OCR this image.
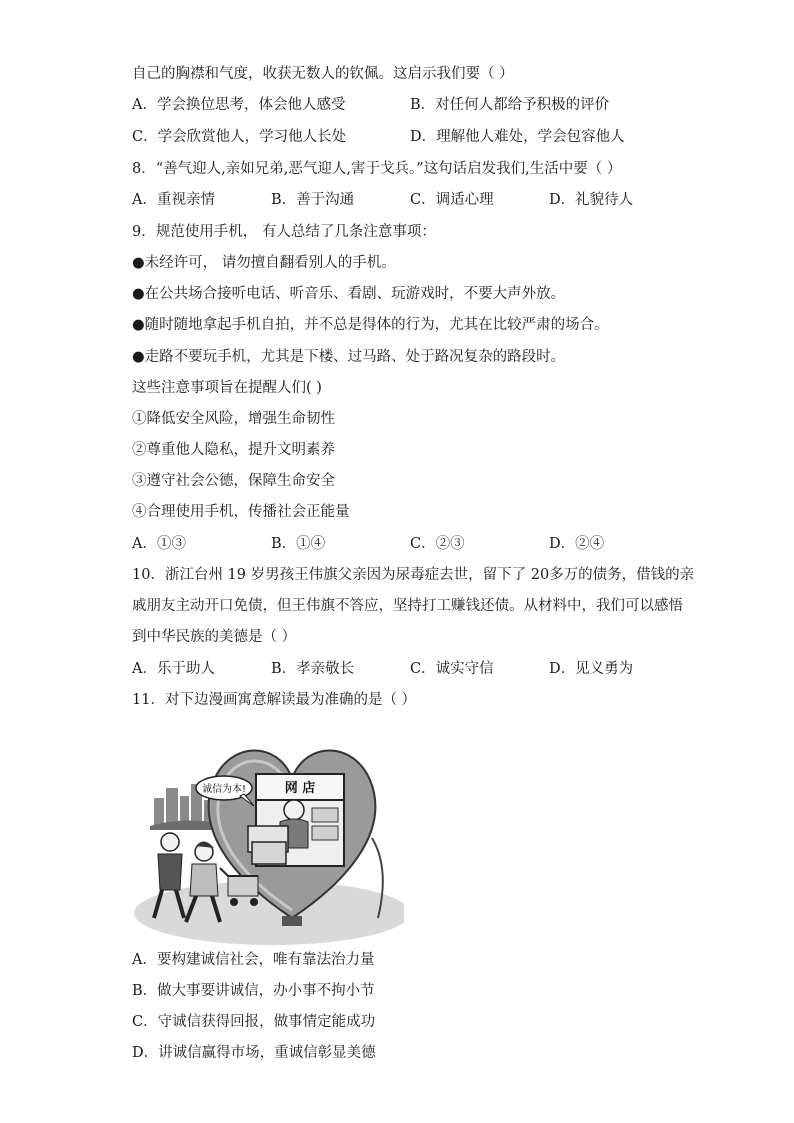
自己的胸襟和气度，收获无数人的钦佩。这启示我们要（ ）
A．学会换位思考，体会他人感受	B．对任何人都给予积极的评价
C．学会欣赏他人，学习他人长处	D．理解他人难处，学会包容他人
8．“善气迎人,亲如兄弟,恶气迎人,害于戈兵。”这句话启发我们,生活中要（ ）
A．重视亲情	B．善于沟通	C．调适心理	D．礼貌待人
9．规范使用手机， 有人总结了几条注意事项：
●未经许可， 请勿擅自翻看别人的手机。
●在公共场合接听电话、听音乐、看剧、玩游戏时，不要大声外放。
●随时随地拿起手机自拍，并不总是得体的行为，尤其在比较严肃的场合。
●走路不要玩手机，尤其是下楼、过马路、处于路况复杂的路段时。
这些注意事项旨在提醒人们( )
①降低安全风险，增强生命韧性
②尊重他人隐私，提升文明素养
③遵守社会公德，保障生命安全
④合理使用手机，传播社会正能量
A．①③	B．①④	C．②③	D．②④
10．浙江台州 19 岁男孩王伟旗父亲因为尿毒症去世，留下了 20多万的债务，借钱的亲
戚朋友主动开口免债，但王伟旗不答应，坚持打工赚钱还债。从材料中，我们可以感悟
到中华民族的美德是（ ）
A．乐于助人	B．孝亲敬长	C．诚实守信	D．见义勇为
11．对下边漫画寓意解读最为准确的是（ ）
网 店
诚信为本!
A．要构建诚信社会，唯有靠法治力量
B．做大事要讲诚信，办小事不拘小节
C．守诚信获得回报，做事情定能成功
D．讲诚信赢得市场，重诚信彰显美德
